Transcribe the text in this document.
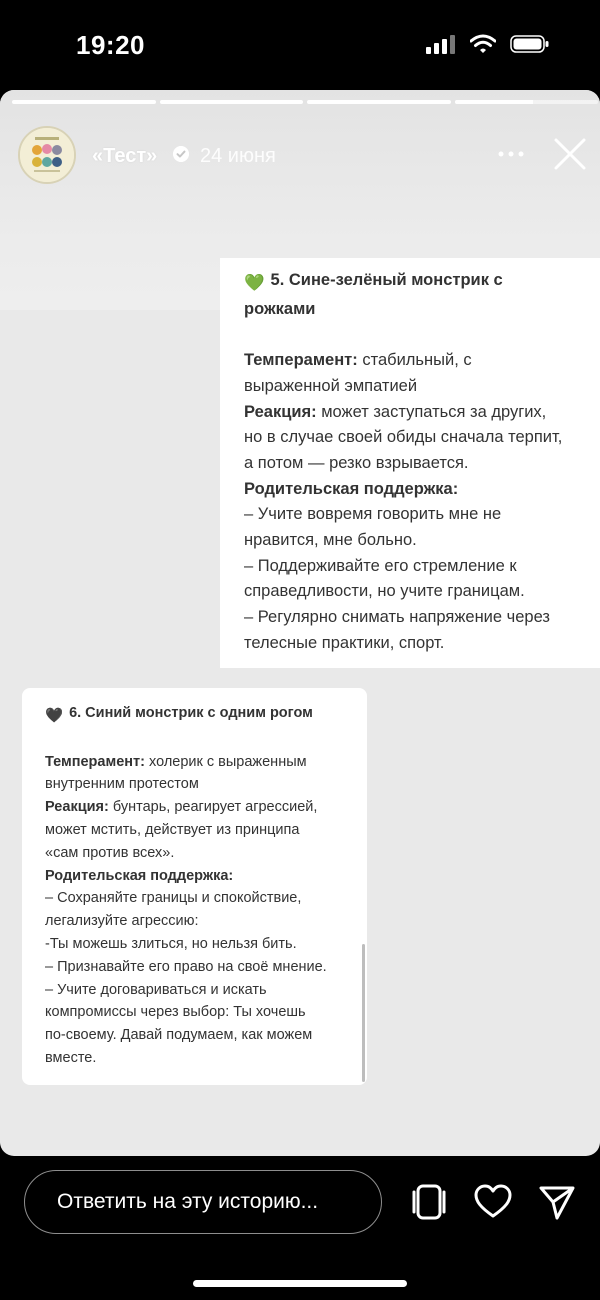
19:20
«Тест» 24 июня
💚 5. Сине-зелёный монстрик с
рожками
Темперамент: стабильный, с
выраженной эмпатией
Реакция: может заступаться за других,
но в случае своей обиды сначала терпит,
а потом — резко взрывается.
Родительская поддержка:
– Учите вовремя говорить мне не
нравится, мне больно.
– Поддерживайте его стремление к
справедливости, но учите границам.
– Регулярно снимать напряжение через
телесные практики, спорт.
🖤 6. Синий монстрик с одним рогом
Темперамент: холерик с выраженным
внутренним протестом
Реакция: бунтарь, реагирует агрессией,
может мстить, действует из принципа
«сам против всех».
Родительская поддержка:
– Сохраняйте границы и спокойствие,
легализуйте агрессию:
-Ты можешь злиться, но нельзя бить.
– Признавайте его право на своё мнение.
– Учите договариваться и искать
компромиссы через выбор: Ты хочешь
по-своему. Давай подумаем, как можем
вместе.
Ответить на эту историю...
